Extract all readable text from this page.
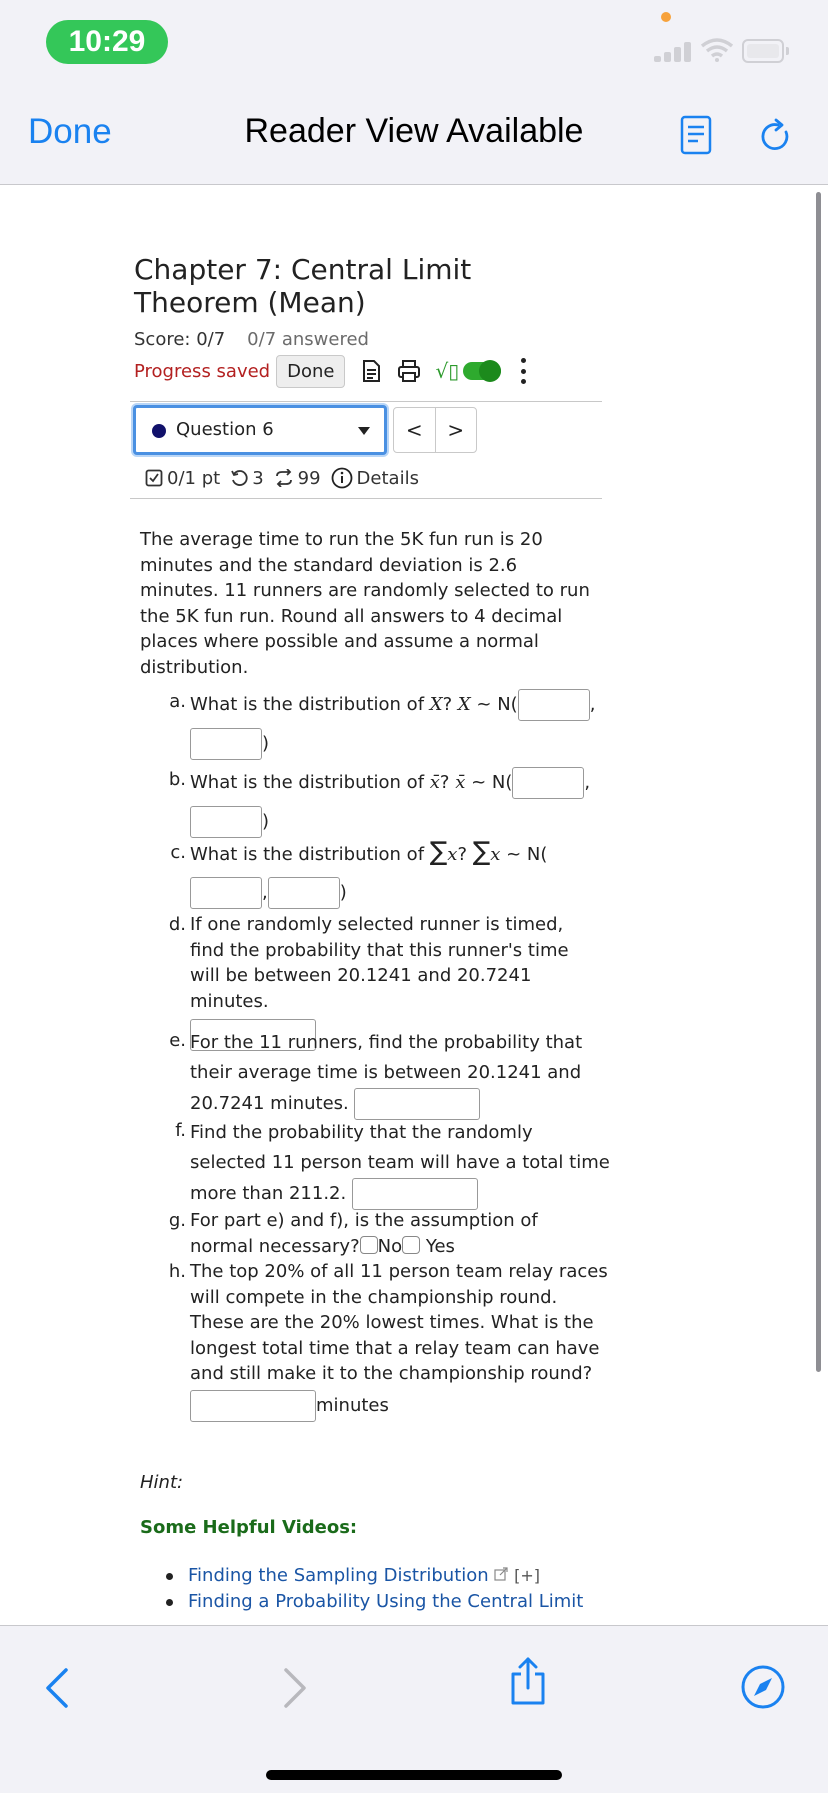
10:29
Done	Reader View Available
Chapter 7: Central Limit Theorem (Mean)
Score: 0/7 0/7 answered
Progress saved Done	√▯
Question 6	<	>
0/1 pt 3 99 Details
The average time to run the 5K fun run is 20 minutes and the standard deviation is 2.6 minutes. 11 runners are randomly selected to run the 5K fun run. Round all answers to 4 decimal places where possible and assume a normal distribution.
a. What is the distribution of X? X ~ N(	,
)
b. What is the distribution of x̄? x̄ ~ N(	,
)
c. What is the distribution of ∑x? ∑x ~ N(
,	)
d. If one randomly selected runner is timed, find the probability that this runner's time will be between 20.1241 and 20.7241 minutes.

e. For the 11 runners, find the probability that their average time is between 20.1241 and 20.7241 minutes.
f. Find the probability that the randomly selected 11 person team will have a total time more than 211.2.
g. For part e) and f), is the assumption of normal necessary? No Yes
h. The top 20% of all 11 person team relay races will compete in the championship round. These are the 20% lowest times. What is the longest total time that a relay team can have and still make it to the championship round?
minutes
Hint:
Some Helpful Videos:
Finding the Sampling Distribution [+]
Finding a Probability Using the Central Limit
